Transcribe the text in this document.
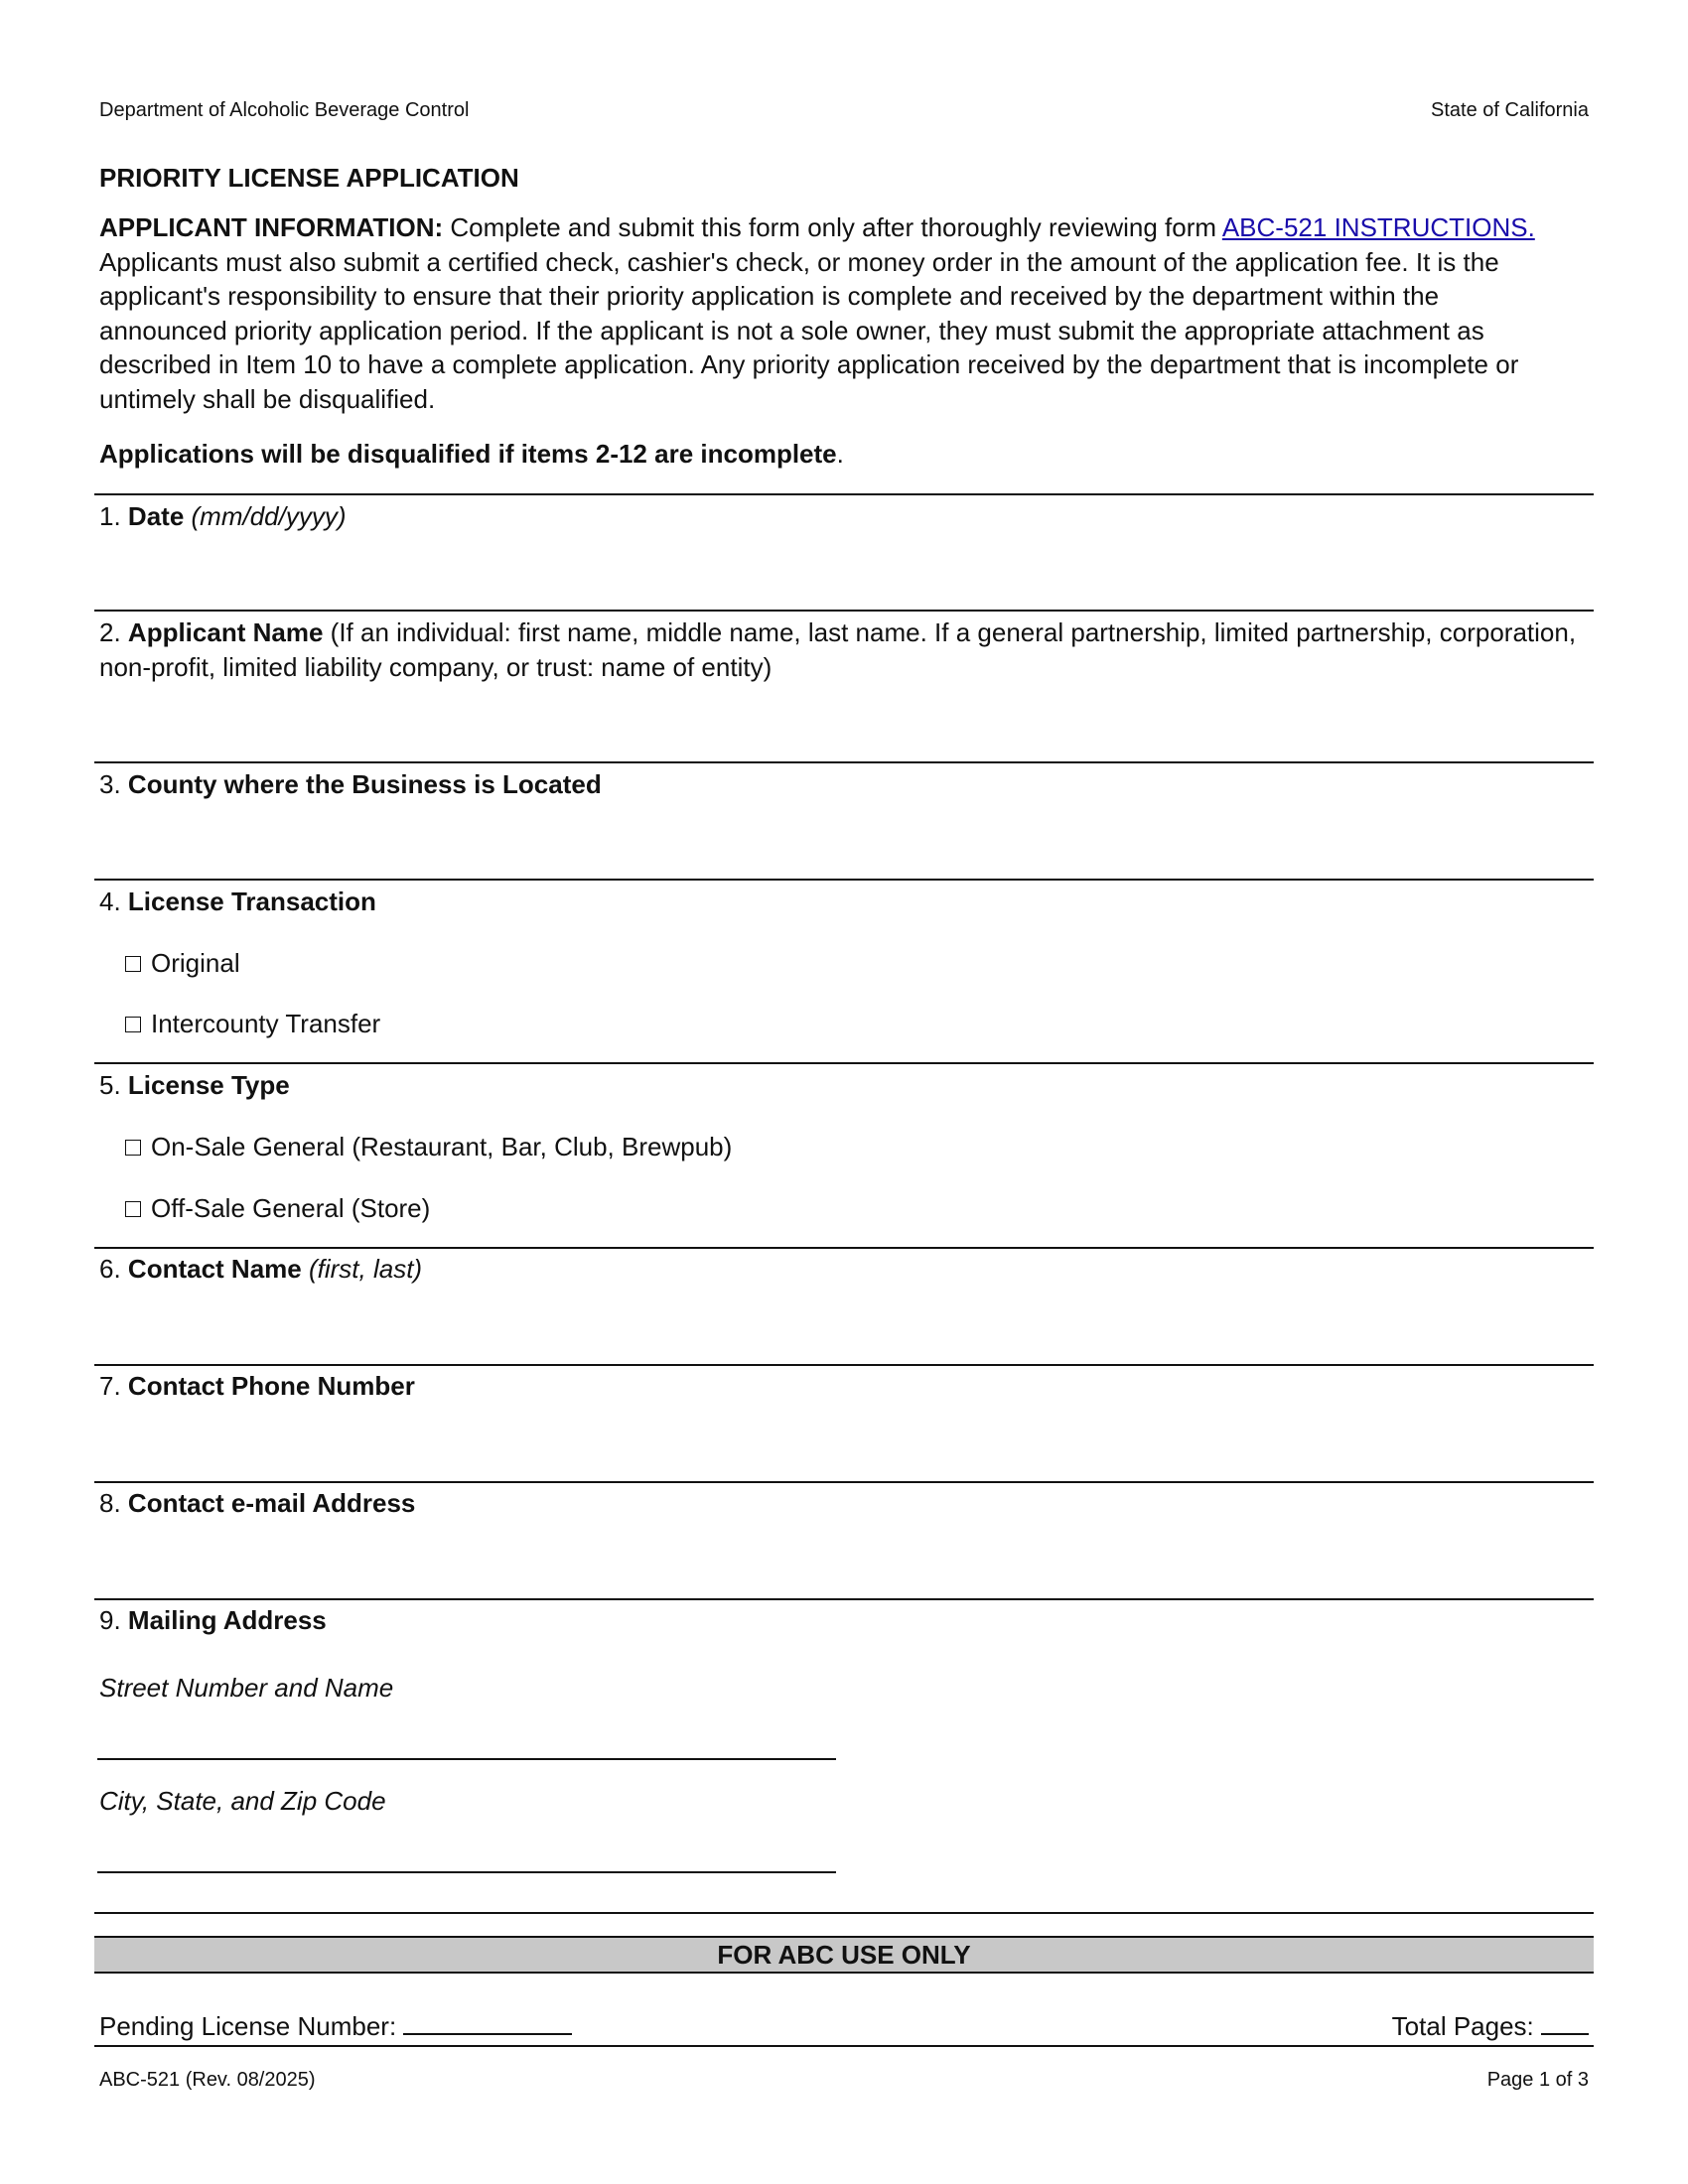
Department of Alcoholic Beverage Control	State of California
PRIORITY LICENSE APPLICATION
APPLICANT INFORMATION: Complete and submit this form only after thoroughly reviewing form ABC-521 INSTRUCTIONS. Applicants must also submit a certified check, cashier's check, or money order in the amount of the application fee. It is the applicant's responsibility to ensure that their priority application is complete and received by the department within the announced priority application period. If the applicant is not a sole owner, they must submit the appropriate attachment as described in Item 10 to have a complete application. Any priority application received by the department that is incomplete or untimely shall be disqualified.
Applications will be disqualified if items 2-12 are incomplete.
1. Date (mm/dd/yyyy)
2. Applicant Name (If an individual: first name, middle name, last name. If a general partnership, limited partnership, corporation, non-profit, limited liability company, or trust: name of entity)
3. County where the Business is Located
4. License Transaction
Original
Intercounty Transfer
5. License Type
On-Sale General (Restaurant, Bar, Club, Brewpub)
Off-Sale General (Store)
6. Contact Name (first, last)
7. Contact Phone Number
8. Contact e-mail Address
9. Mailing Address
Street Number and Name
City, State, and Zip Code
FOR ABC USE ONLY
Pending License Number:	Total Pages:
ABC-521 (Rev. 08/2025)	Page 1 of 3
